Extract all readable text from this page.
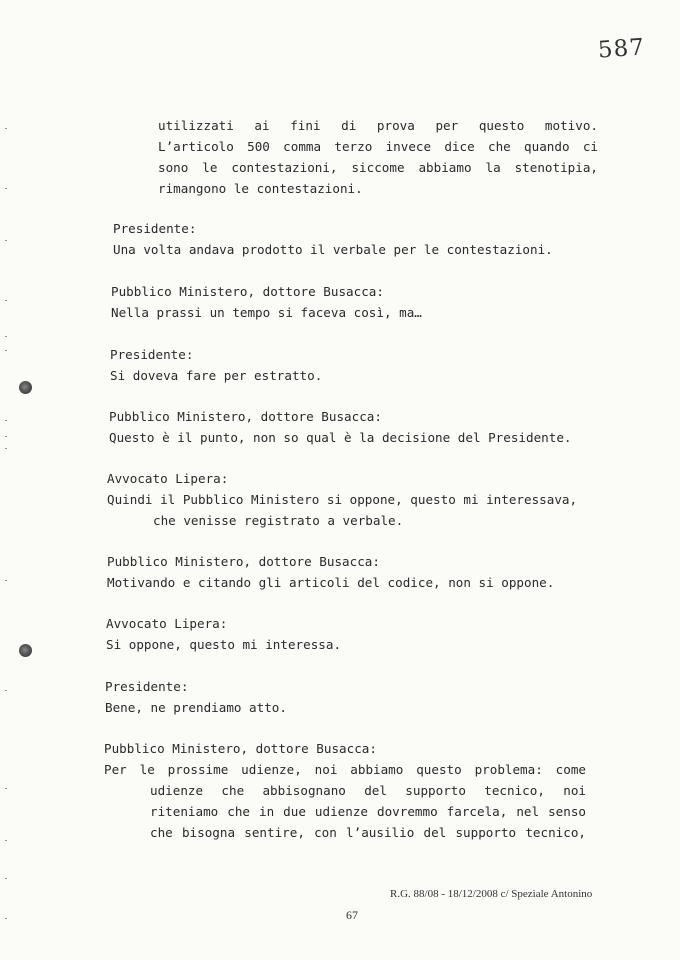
587
utilizzati ai fini di prova per questo motivo.
L’articolo 500 comma terzo invece dice che quando ci
sono le contestazioni, siccome abbiamo la stenotipia,
rimangono le contestazioni.
Presidente:
Una volta andava prodotto il verbale per le contestazioni.
Pubblico Ministero, dottore Busacca:
Nella prassi un tempo si faceva così, ma…
Presidente:
Si doveva fare per estratto.
Pubblico Ministero, dottore Busacca:
Questo è il punto, non so qual è la decisione del Presidente.
Avvocato Lipera:
Quindi il Pubblico Ministero si oppone, questo mi interessava,
che venisse registrato a verbale.
Pubblico Ministero, dottore Busacca:
Motivando e citando gli articoli del codice, non si oppone.
Avvocato Lipera:
Si oppone, questo mi interessa.
Presidente:
Bene, ne prendiamo atto.
Pubblico Ministero, dottore Busacca:
Per le prossime udienze, noi abbiamo questo problema: come
udienze che abbisognano del supporto tecnico, noi
riteniamo che in due udienze dovremmo farcela, nel senso
che bisogna sentire, con l’ausilio del supporto tecnico,
R.G. 88/08 - 18/12/2008 c/ Speziale Antonino
67
